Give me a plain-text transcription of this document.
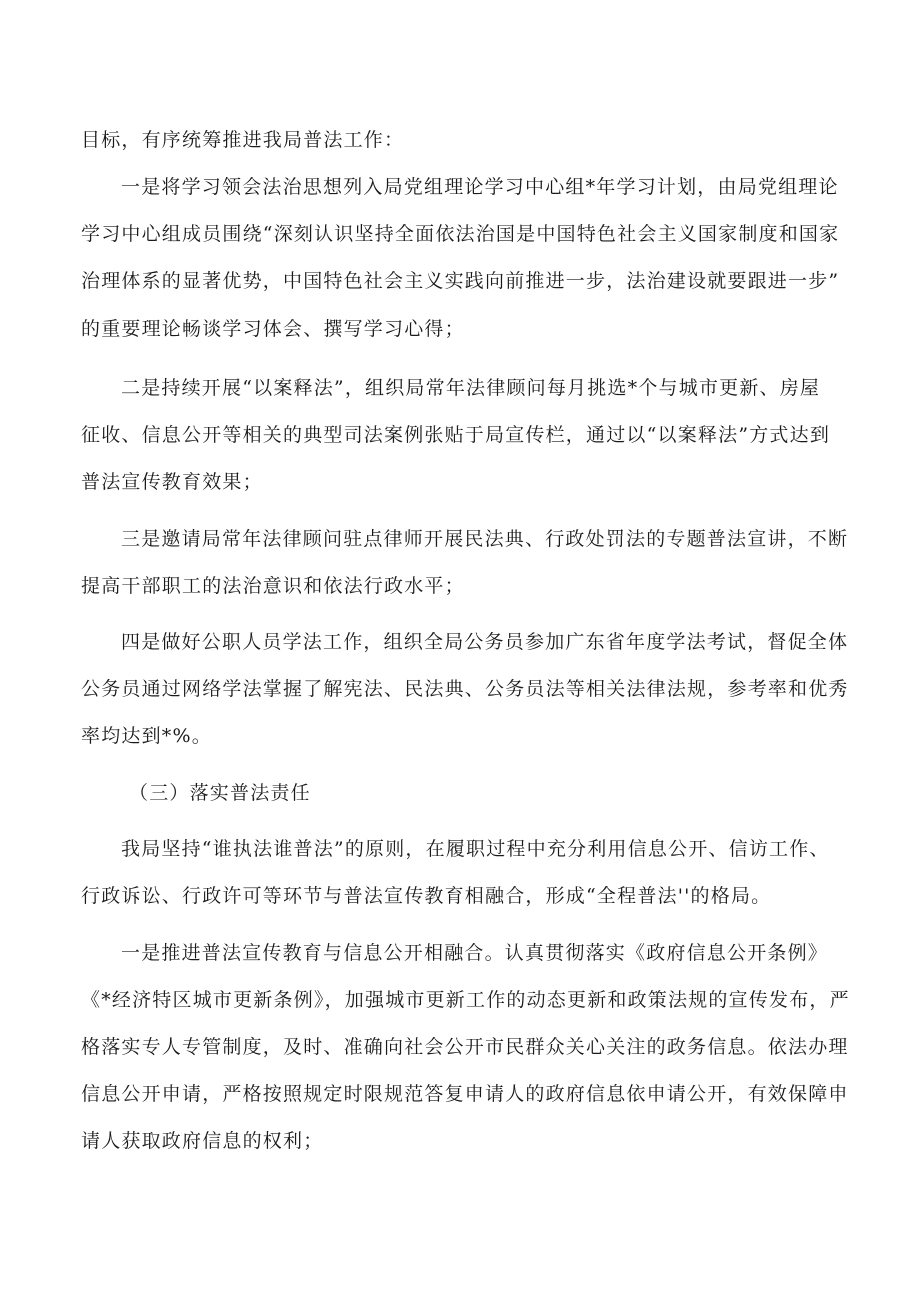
目标，有序统筹推进我局普法工作：
一是将学习领会法治思想列入局党组理论学习中心组*年学习计划，由局党组理论
学习中心组成员围绕“深刻认识坚持全面依法治国是中国特色社会主义国家制度和国家
治理体系的显著优势，中国特色社会主义实践向前推进一步，法治建设就要跟进一步”
的重要理论畅谈学习体会、撰写学习心得；
二是持续开展“以案释法”，组织局常年法律顾问每月挑选*个与城市更新、房屋
征收、信息公开等相关的典型司法案例张贴于局宣传栏，通过以“以案释法”方式达到
普法宣传教育效果；
三是邀请局常年法律顾问驻点律师开展民法典、行政处罚法的专题普法宣讲，不断
提高干部职工的法治意识和依法行政水平；
四是做好公职人员学法工作，组织全局公务员参加广东省年度学法考试，督促全体
公务员通过网络学法掌握了解宪法、民法典、公务员法等相关法律法规，参考率和优秀
率均达到*%。
（三）落实普法责任
我局坚持“谁执法谁普法”的原则，在履职过程中充分利用信息公开、信访工作、
行政诉讼、行政许可等环节与普法宣传教育相融合，形成“全程普法''的格局。
一是推进普法宣传教育与信息公开相融合。认真贯彻落实《政府信息公开条例》
《*经济特区城市更新条例》，加强城市更新工作的动态更新和政策法规的宣传发布，严
格落实专人专管制度，及时、准确向社会公开市民群众关心关注的政务信息。依法办理
信息公开申请，严格按照规定时限规范答复申请人的政府信息依申请公开，有效保障申
请人获取政府信息的权利；
